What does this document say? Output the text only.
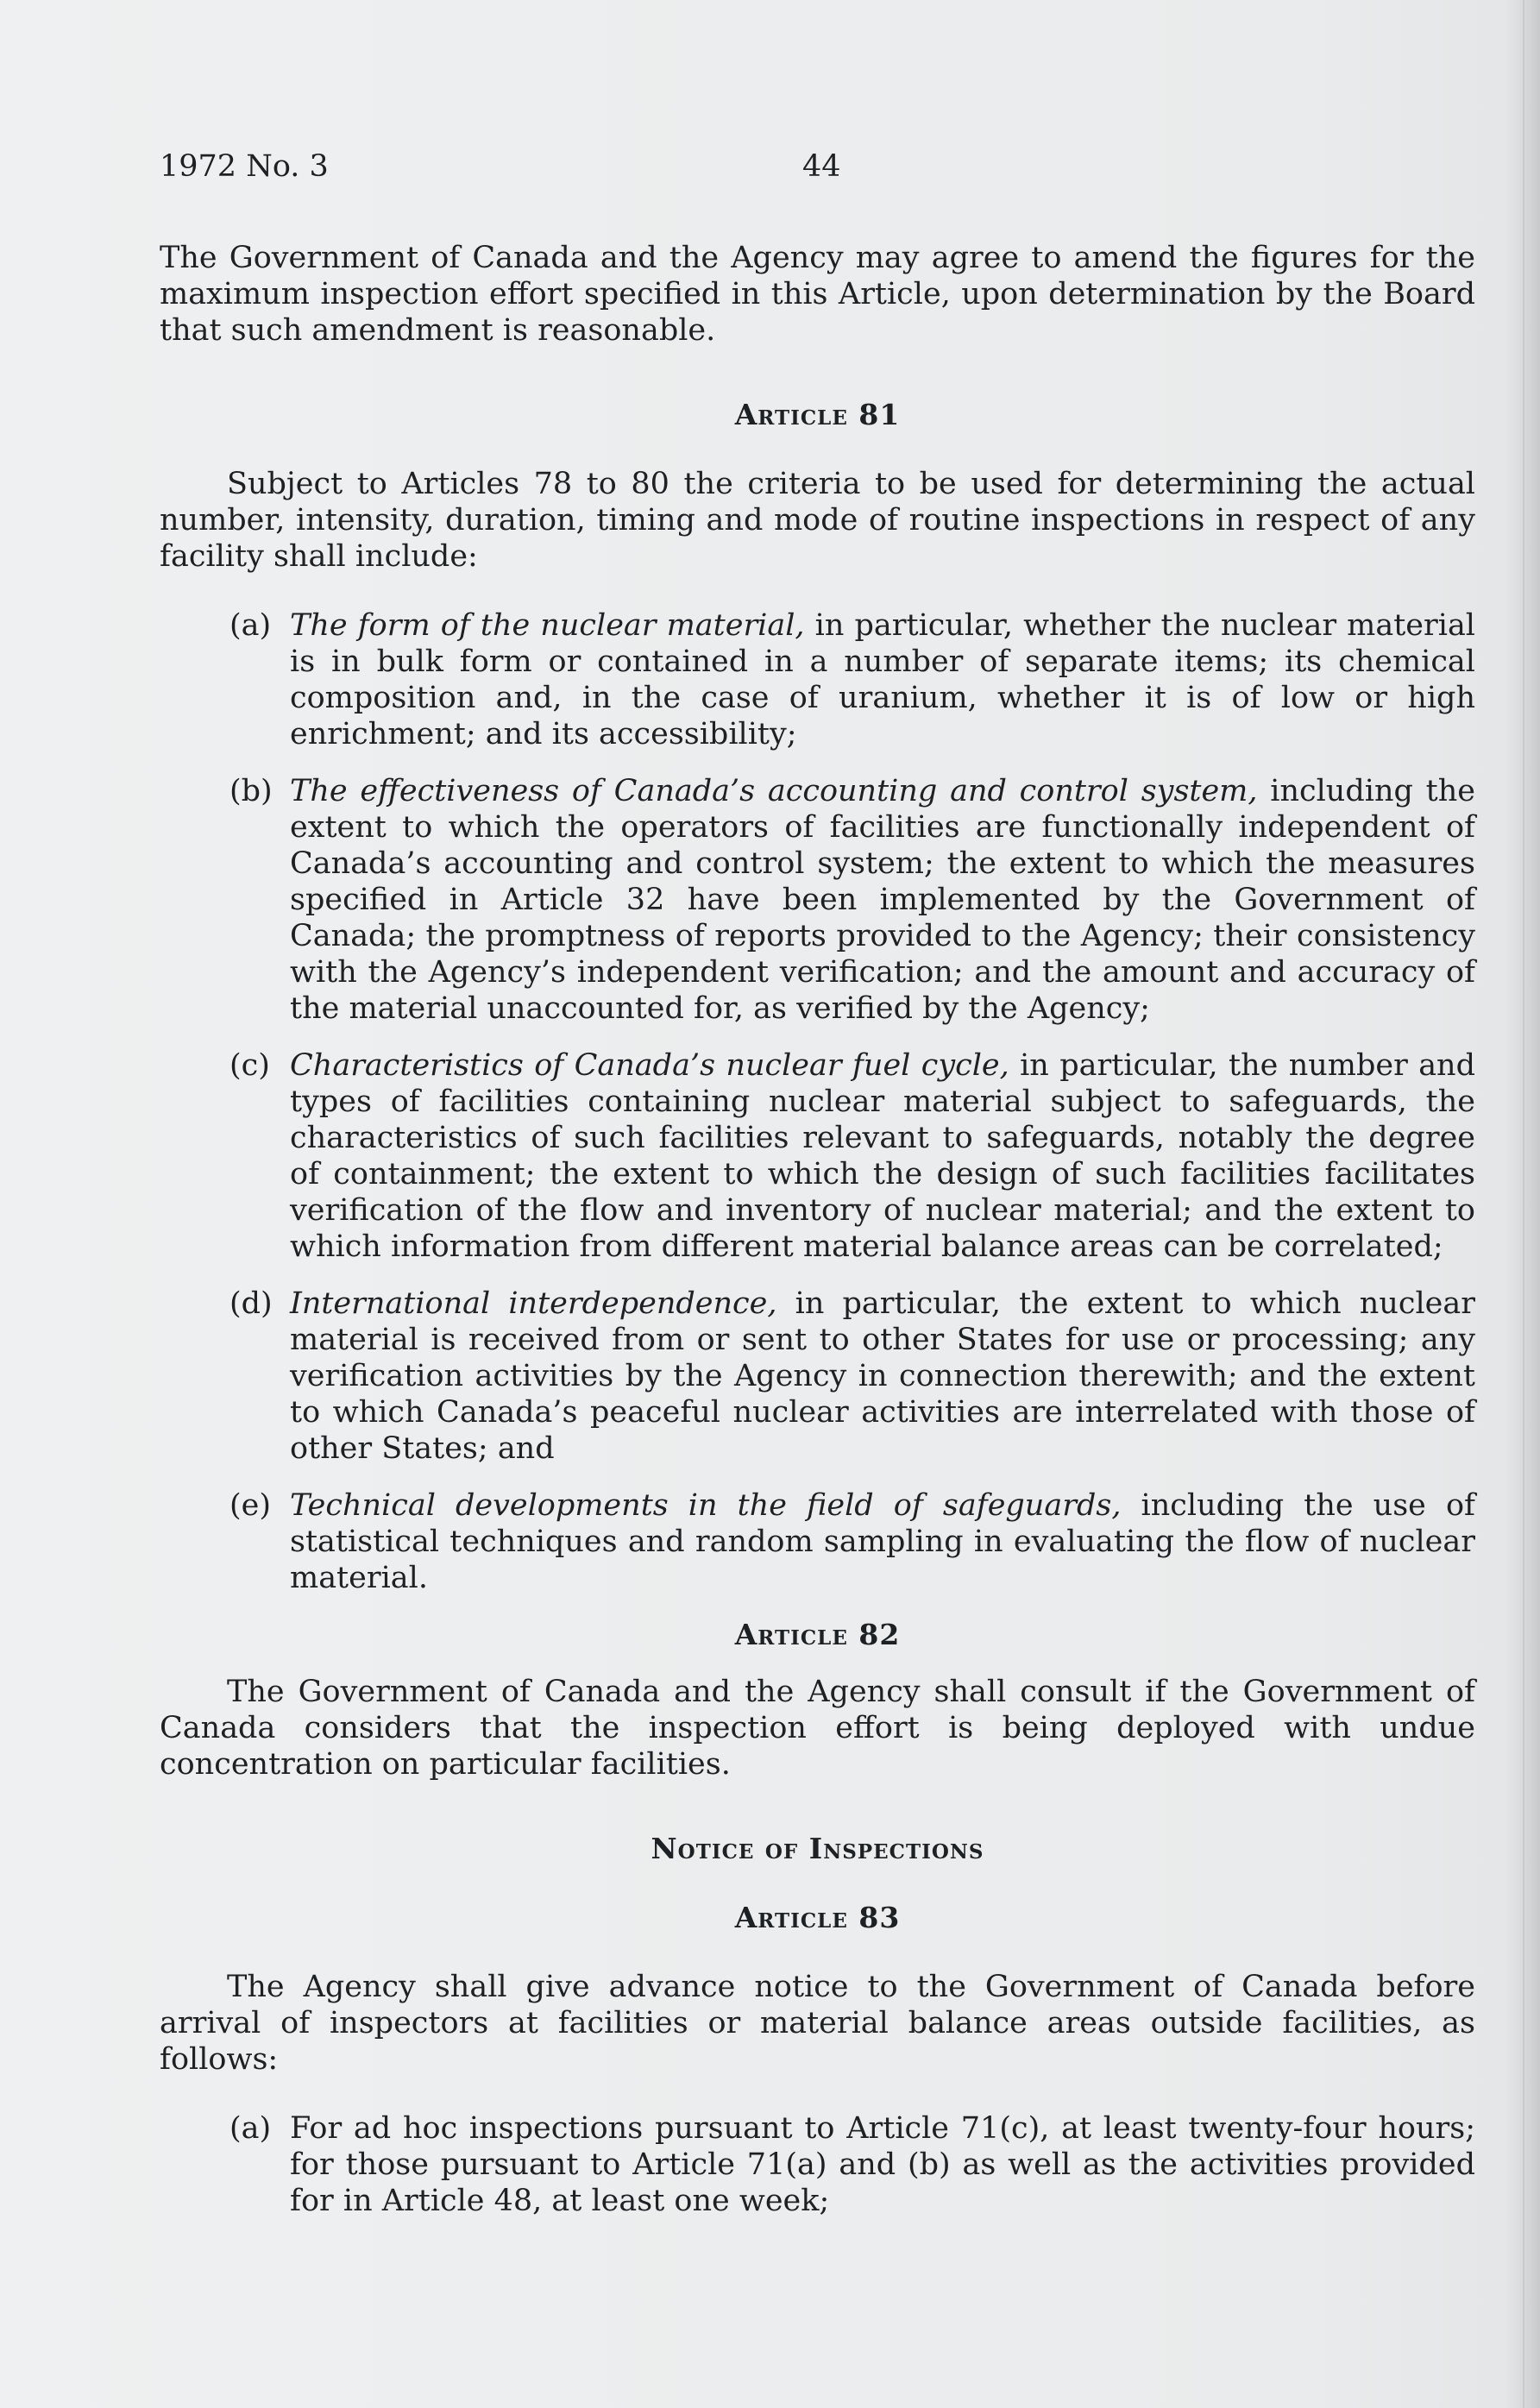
1972 No. 3	44

The Government of Canada and the Agency may agree to amend the figures for the maximum inspection effort specified in this Article, upon determination by the Board that such amendment is reasonable.

Article 81

Subject to Articles 78 to 80 the criteria to be used for determining the actual number, intensity, duration, timing and mode of routine inspections in respect of any facility shall include:

(a) The form of the nuclear material, in particular, whether the nuclear material is in bulk form or contained in a number of separate items; its chemical composition and, in the case of uranium, whether it is of low or high enrichment; and its accessibility;
(b) The effectiveness of Canada’s accounting and control system, including the extent to which the operators of facilities are functionally independent of Canada’s accounting and control system; the extent to which the measures specified in Article 32 have been implemented by the Government of Canada; the promptness of reports provided to the Agency; their consistency with the Agency’s independent verification; and the amount and accuracy of the material unaccounted for, as verified by the Agency;
(c) Characteristics of Canada’s nuclear fuel cycle, in particular, the number and types of facilities containing nuclear material subject to safeguards, the characteristics of such facilities relevant to safeguards, notably the degree of containment; the extent to which the design of such facilities facilitates verification of the flow and inventory of nuclear material; and the extent to which information from different material balance areas can be correlated;
(d) International interdependence, in particular, the extent to which nuclear material is received from or sent to other States for use or processing; any verification activities by the Agency in connection therewith; and the extent to which Canada’s peaceful nuclear activities are interrelated with those of other States; and
(e) Technical developments in the field of safeguards, including the use of statistical techniques and random sampling in evaluating the flow of nuclear material.
Article 82

The Government of Canada and the Agency shall consult if the Government of Canada considers that the inspection effort is being deployed with undue concentration on particular facilities.

Notice of Inspections
Article 83

The Agency shall give advance notice to the Government of Canada before arrival of inspectors at facilities or material balance areas outside facilities, as follows:

(a) For ad hoc inspections pursuant to Article 71(c), at least twenty-four hours; for those pursuant to Article 71(a) and (b) as well as the activities provided for in Article 48, at least one week;
